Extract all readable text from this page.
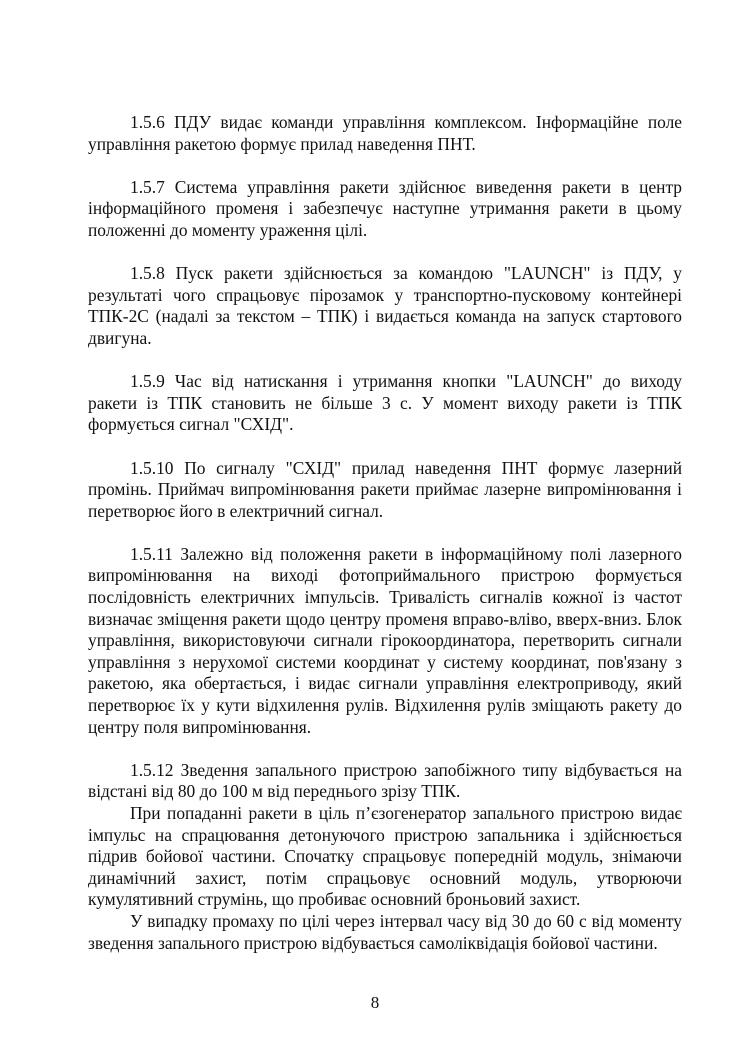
1.5.6 ПДУ видає команди управління комплексом. Інформаційне поле управління ракетою формує прилад наведення ПНТ.

1.5.7 Система управління ракети здійснює виведення ракети в центр інформаційного променя і забезпечує наступне утримання ракети в цьому положенні до моменту ураження цілі.

1.5.8 Пуск ракети здійснюється за командою "LAUNCH" із ПДУ, у результаті чого спрацьовує пірозамок у транспортно-пусковому контейнері ТПК-2С (надалі за текстом – ТПК) і видається команда на запуск стартового двигуна.

1.5.9 Час від натискання і утримання кнопки "LAUNCH" до виходу ракети із ТПК становить не більше 3 с. У момент виходу ракети із ТПК формується сигнал "СХІД".

1.5.10 По сигналу "СХІД" прилад наведення ПНТ формує лазерний промінь. Приймач випромінювання ракети приймає лазерне випромінювання і перетворює його в електричний сигнал.

1.5.11 Залежно від положення ракети в інформаційному полі лазерного випромінювання на виході фотоприймального пристрою формується послідовність електричних імпульсів. Тривалість сигналів кожної із частот визначає зміщення ракети щодо центру променя вправо-вліво, вверх-вниз. Блок управління, використовуючи сигнали гірокоординатора, перетворить сигнали управління з нерухомої системи координат у систему координат, пов'язану з ракетою, яка обертається, і видає сигнали управління електроприводу, який перетворює їх у кути відхилення рулів. Відхилення рулів зміщають ракету до центру поля випромінювання.

1.5.12 Зведення запального пристрою запобіжного типу відбувається на відстані від 80 до 100 м від переднього зрізу ТПК.

При попаданні ракети в ціль п’єзогенератор запального пристрою видає імпульс на спрацювання детонуючого пристрою запальника і здійснюється підрив бойової частини. Спочатку спрацьовує попередній модуль, знімаючи динамічний захист, потім спрацьовує основний модуль, утворюючи кумулятивний струмінь, що пробиває основний броньовий захист.

У випадку промаху по цілі через інтервал часу від 30 до 60 с від моменту зведення запального пристрою відбувається самоліквідація бойової частини.

8
